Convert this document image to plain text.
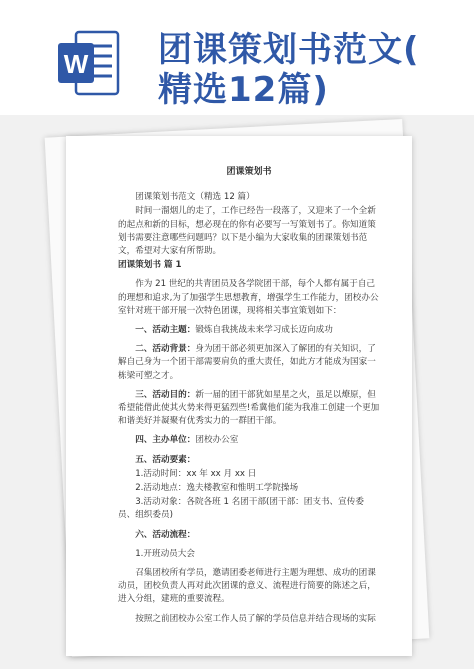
W 团课策划书范文(
精选12篇)
团课策划书
团课策划书范文（精选 12 篇）
时间一溜烟儿的走了，工作已经告一段落了，又迎来了一个全新的起点和新的目标，想必现在的你有必要写一写策划书了。你知道策划书需要注意哪些问题吗？以下是小编为大家收集的团课策划书范文，希望对大家有所帮助。
团课策划书 篇 1
作为 21 世纪的共青团员及各学院团干部，每个人都有属于自己的理想和追求,为了加强学生思想教育，增强学生工作能力，团校办公室针对班干部开展一次特色团课，现将相关事宜策划如下：
一、活动主题：锻炼自我挑战未来学习成长迈向成功
二、活动背景：身为团干部必须更加深入了解团的有关知识，了解自己身为一个团干部需要肩负的重大责任，如此方才能成为国家一栋梁可塑之才。
三、活动目的：新一届的团干部犹如星星之火，虽足以燎原，但希望能借此使其火势来得更猛烈些!希冀他们能为我准工创建一个更加和谐美好并凝聚有优秀实力的一群团干部。
四、主办单位：团校办公室
五、活动要素：
1.活动时间：xx 年 xx 月 xx 日
2.活动地点：逸夫楼教室和惟明工学院操场
3.活动对象：各院各班 1 名团干部(团干部：团支书、宣传委员、组织委员)
六、活动流程：
1.开班动员大会
召集团校所有学员，邀请团委老师进行主题为理想、成功的团课动员，团校负责人再对此次团课的意义、流程进行简要的陈述之后，进入分组，建班的重要流程。
按照之前团校办公室工作人员了解的学员信息并结合现场的实际
